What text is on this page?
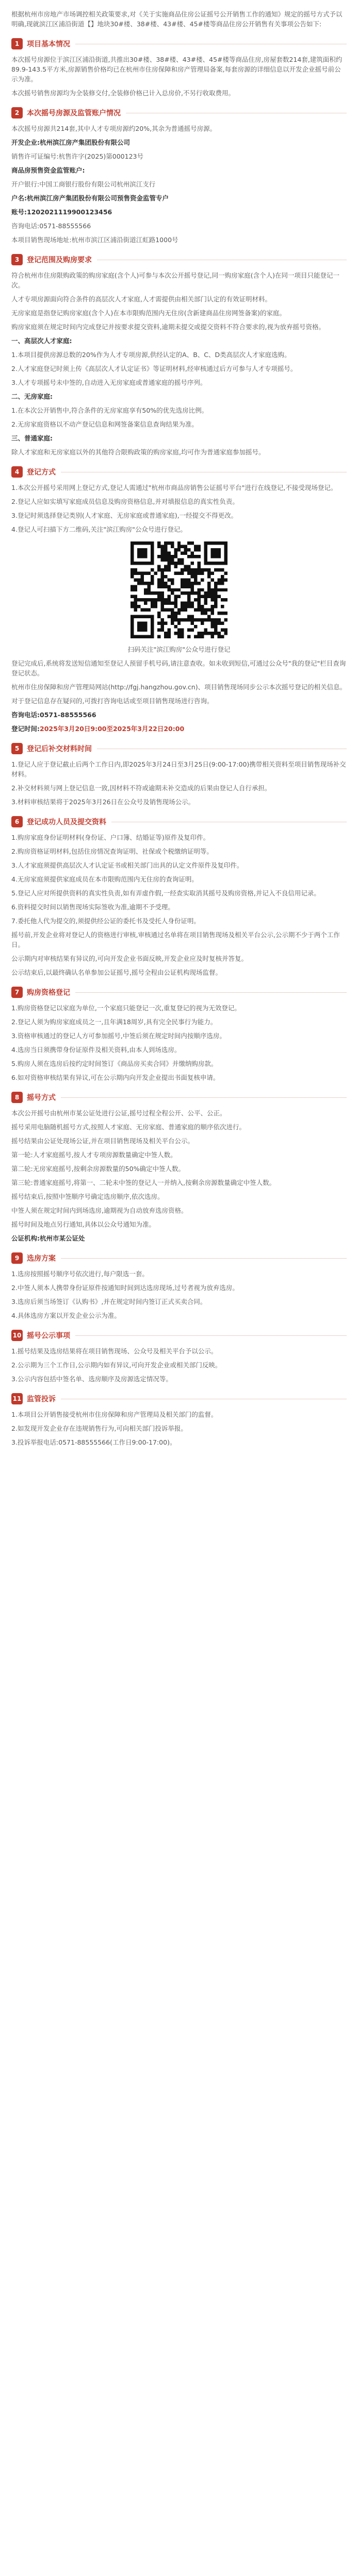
根据杭州市房地产市场调控相关政策要求,对《关于实施商品住房公证摇号公开销售工作的通知》规定的摇号方式予以明确,现就滨江区浦沿街道【】地块30#楼、38#楼、43#楼、45#楼等商品住房公开销售有关事项公告如下:

1	项目基本情况

本次摇号房源位于滨江区浦沿街道,共推出30#楼、38#楼、43#楼、45#楼等商品住房,房屋套数214套,建筑面积约89.9-143.5平方米,房源销售价格均已在杭州市住房保障和房产管理局备案,每套房源的详细信息以开发企业摇号前公示为准。

本次摇号销售房源均为全装修交付,全装修价格已计入总房价,不另行收取费用。

2	本次摇号房源及监管账户情况

本次摇号房源共214套,其中人才专项房源约20%,其余为普通摇号房源。

开发企业:杭州滨江房产集团股份有限公司

销售许可证编号:杭售许字(2025)第000123号

商品房预售资金监管账户:

开户银行:中国工商银行股份有限公司杭州滨江支行

户名:杭州滨江房产集团股份有限公司预售资金监管专户

账号:1202021119900123456

咨询电话:0571-88555566

本项目销售现场地址:杭州市滨江区浦沿街道江虹路1000号

3	登记范围及购房要求

符合杭州市住房限购政策的购房家庭(含个人)可参与本次公开摇号登记,同一购房家庭(含个人)在同一项目只能登记一次。

人才专项房源面向符合条件的高层次人才家庭,人才需提供由相关部门认定的有效证明材料。

无房家庭是指登记购房家庭(含个人)在本市限购范围内无住房(含新建商品住房网签备案)的家庭。

购房家庭须在规定时间内完成登记并按要求提交资料,逾期未提交或提交资料不符合要求的,视为放弃摇号资格。

一、高层次人才家庭:

1.本项目提供房源总数的20%作为人才专项房源,供经认定的A、B、C、D类高层次人才家庭选购。

2.人才家庭登记时须上传《高层次人才认定证书》等证明材料,经审核通过后方可参与人才专项摇号。

3.人才专项摇号未中签的,自动进入无房家庭或普通家庭的摇号序列。

二、无房家庭:

1.在本次公开销售中,符合条件的无房家庭享有50%的优先选房比例。

2.无房家庭资格以不动产登记信息和网签备案信息查询结果为准。

三、普通家庭:

除人才家庭和无房家庭以外的其他符合限购政策的购房家庭,均可作为普通家庭参加摇号。

4	登记方式

1.本次公开摇号采用网上登记方式,登记人需通过"杭州市商品房销售公证摇号平台"进行在线登记,不接受现场登记。

2.登记人应如实填写家庭成员信息及购房资格信息,并对填报信息的真实性负责。

3.登记时须选择登记类别(人才家庭、无房家庭或普通家庭),一经提交不得更改。

4.登记人可扫描下方二维码,关注"滨江购房"公众号进行登记。

扫码关注"滨江购房"公众号进行登记

登记完成后,系统将发送短信通知至登记人预留手机号码,请注意查收。如未收到短信,可通过公众号"我的登记"栏目查询登记状态。

杭州市住房保障和房产管理局网站(http://fgj.hangzhou.gov.cn)、项目销售现场同步公示本次摇号登记的相关信息。

对于登记信息存在疑问的,可拨打咨询电话或至项目销售现场进行咨询。

咨询电话:0571-88555566

登记时间:2025年3月20日9:00至2025年3月22日20:00

5	登记后补交材料时间

1.登记人应于登记截止后两个工作日内,即2025年3月24日至3月25日(9:00-17:00)携带相关资料至项目销售现场补交材料。

2.补交材料须与网上登记信息一致,因材料不符或逾期未补交造成的后果由登记人自行承担。

3.材料审核结果将于2025年3月26日在公众号及销售现场公示。

6	登记成功人员及提交资料

1.购房家庭身份证明材料(身份证、户口簿、结婚证等)原件及复印件。

2.购房资格证明材料,包括住房情况查询证明、社保或个税缴纳证明等。

3.人才家庭须提供高层次人才认定证书或相关部门出具的认定文件原件及复印件。

4.无房家庭须提供家庭成员在本市限购范围内无住房的查询证明。

5.登记人应对所提供资料的真实性负责,如有弄虚作假,一经查实取消其摇号及购房资格,并记入不良信用记录。

6.资料提交时间以销售现场实际签收为准,逾期不予受理。

7.委托他人代为提交的,须提供经公证的委托书及受托人身份证明。

摇号前,开发企业将对登记人的资格进行审核,审核通过名单将在项目销售现场及相关平台公示,公示期不少于两个工作日。

公示期内对审核结果有异议的,可向开发企业书面反映,开发企业应及时复核并答复。

公示结束后,以最终确认名单参加公证摇号,摇号全程由公证机构现场监督。

7	购房资格登记

1.购房资格登记以家庭为单位,一个家庭只能登记一次,重复登记的视为无效登记。

2.登记人须为购房家庭成员之一,且年满18周岁,具有完全民事行为能力。

3.资格审核通过的登记人方可参加摇号,中签后须在规定时间内按顺序选房。

4.选房当日须携带身份证原件及相关资料,由本人到场选房。

5.购房人须在选房后按约定时间签订《商品房买卖合同》并缴纳购房款。

6.如对资格审核结果有异议,可在公示期内向开发企业提出书面复核申请。

8	摇号方式

本次公开摇号由杭州市某公证处进行公证,摇号过程全程公开、公平、公正。

摇号采用电脑随机摇号方式,按照人才家庭、无房家庭、普通家庭的顺序依次进行。

摇号结果由公证处现场公证,并在项目销售现场及相关平台公示。

第一轮:人才家庭摇号,按人才专项房源数量确定中签人数。

第二轮:无房家庭摇号,按剩余房源数量的50%确定中签人数。

第三轮:普通家庭摇号,将第一、二轮未中签的登记人一并纳入,按剩余房源数量确定中签人数。

摇号结束后,按照中签顺序号确定选房顺序,依次选房。

中签人须在规定时间内到场选房,逾期视为自动放弃选房资格。

摇号时间及地点另行通知,具体以公众号通知为准。

公证机构:杭州市某公证处

9	选房方案

1.选房按照摇号顺序号依次进行,每户限选一套。

2.中签人须本人携带身份证原件按通知时间到达选房现场,过号者视为放弃选房。

3.选房后须当场签订《认购书》,并在规定时间内签订正式买卖合同。

4.具体选房方案以开发企业公示为准。

10 摇号公示事项

1.摇号结果及选房结果将在项目销售现场、公众号及相关平台予以公示。

2.公示期为三个工作日,公示期内如有异议,可向开发企业或相关部门反映。

3.公示内容包括中签名单、选房顺序及房源选定情况等。

11 监管投诉

1.本项目公开销售接受杭州市住房保障和房产管理局及相关部门的监督。

2.如发现开发企业存在违规销售行为,可向相关部门投诉举报。

3.投诉举报电话:0571-88555566(工作日9:00-17:00)。
